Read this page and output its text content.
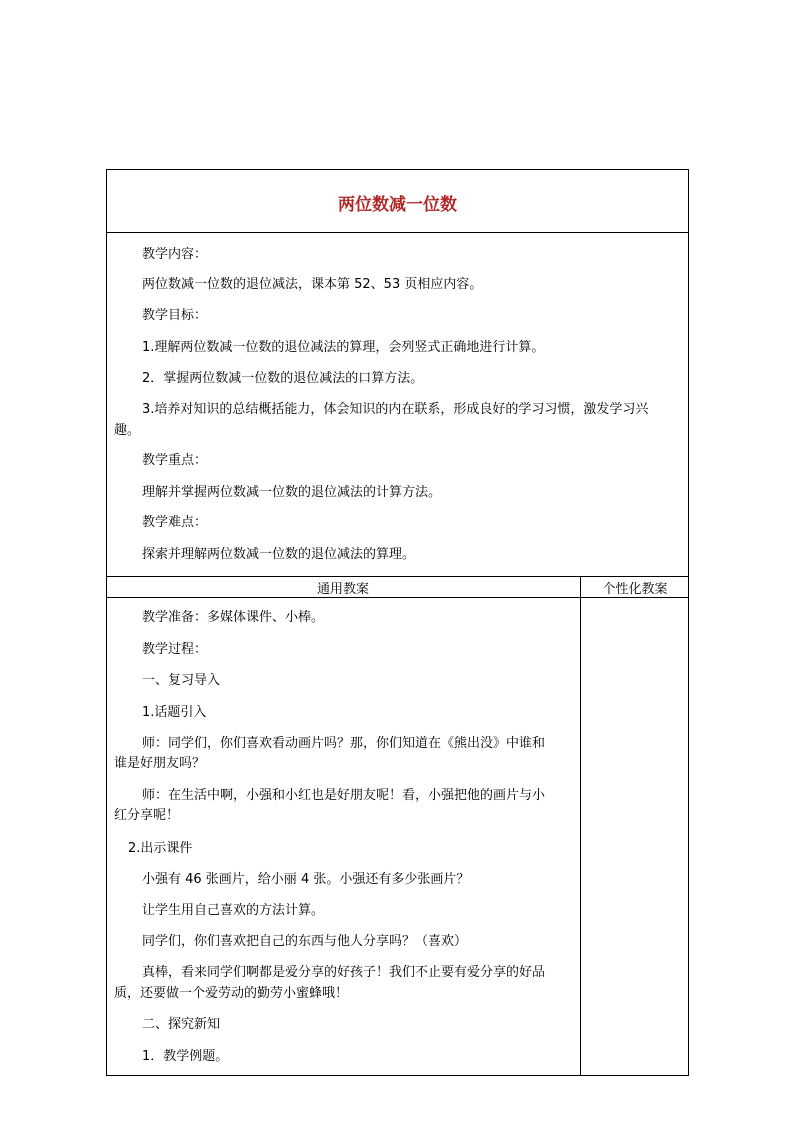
两位数减一位数
教学内容：
两位数减一位数的退位减法，课本第 52、53 页相应内容。
教学目标：
1.理解两位数减一位数的退位减法的算理，会列竖式正确地进行计算。
2．掌握两位数减一位数的退位减法的口算方法。
3.培养对知识的总结概括能力，体会知识的内在联系，形成良好的学习习惯，激发学习兴
趣。
教学重点：
理解并掌握两位数减一位数的退位减法的计算方法。
教学难点：
探索并理解两位数减一位数的退位减法的算理。
通用教案	个性化教案
教学准备：多媒体课件、小棒。
教学过程：
一、复习导入
1.话题引入
师：同学们，你们喜欢看动画片吗？那，你们知道在《熊出没》中谁和
谁是好朋友吗？
师：在生活中啊，小强和小红也是好朋友呢！看，小强把他的画片与小
红分享呢！
2.出示课件
小强有 46 张画片，给小丽 4 张。小强还有多少张画片？
让学生用自己喜欢的方法计算。
同学们，你们喜欢把自己的东西与他人分享吗？（喜欢）
真棒，看来同学们啊都是爱分享的好孩子！我们不止要有爱分享的好品
质，还要做一个爱劳动的勤劳小蜜蜂哦！
二、探究新知
1．教学例题。
